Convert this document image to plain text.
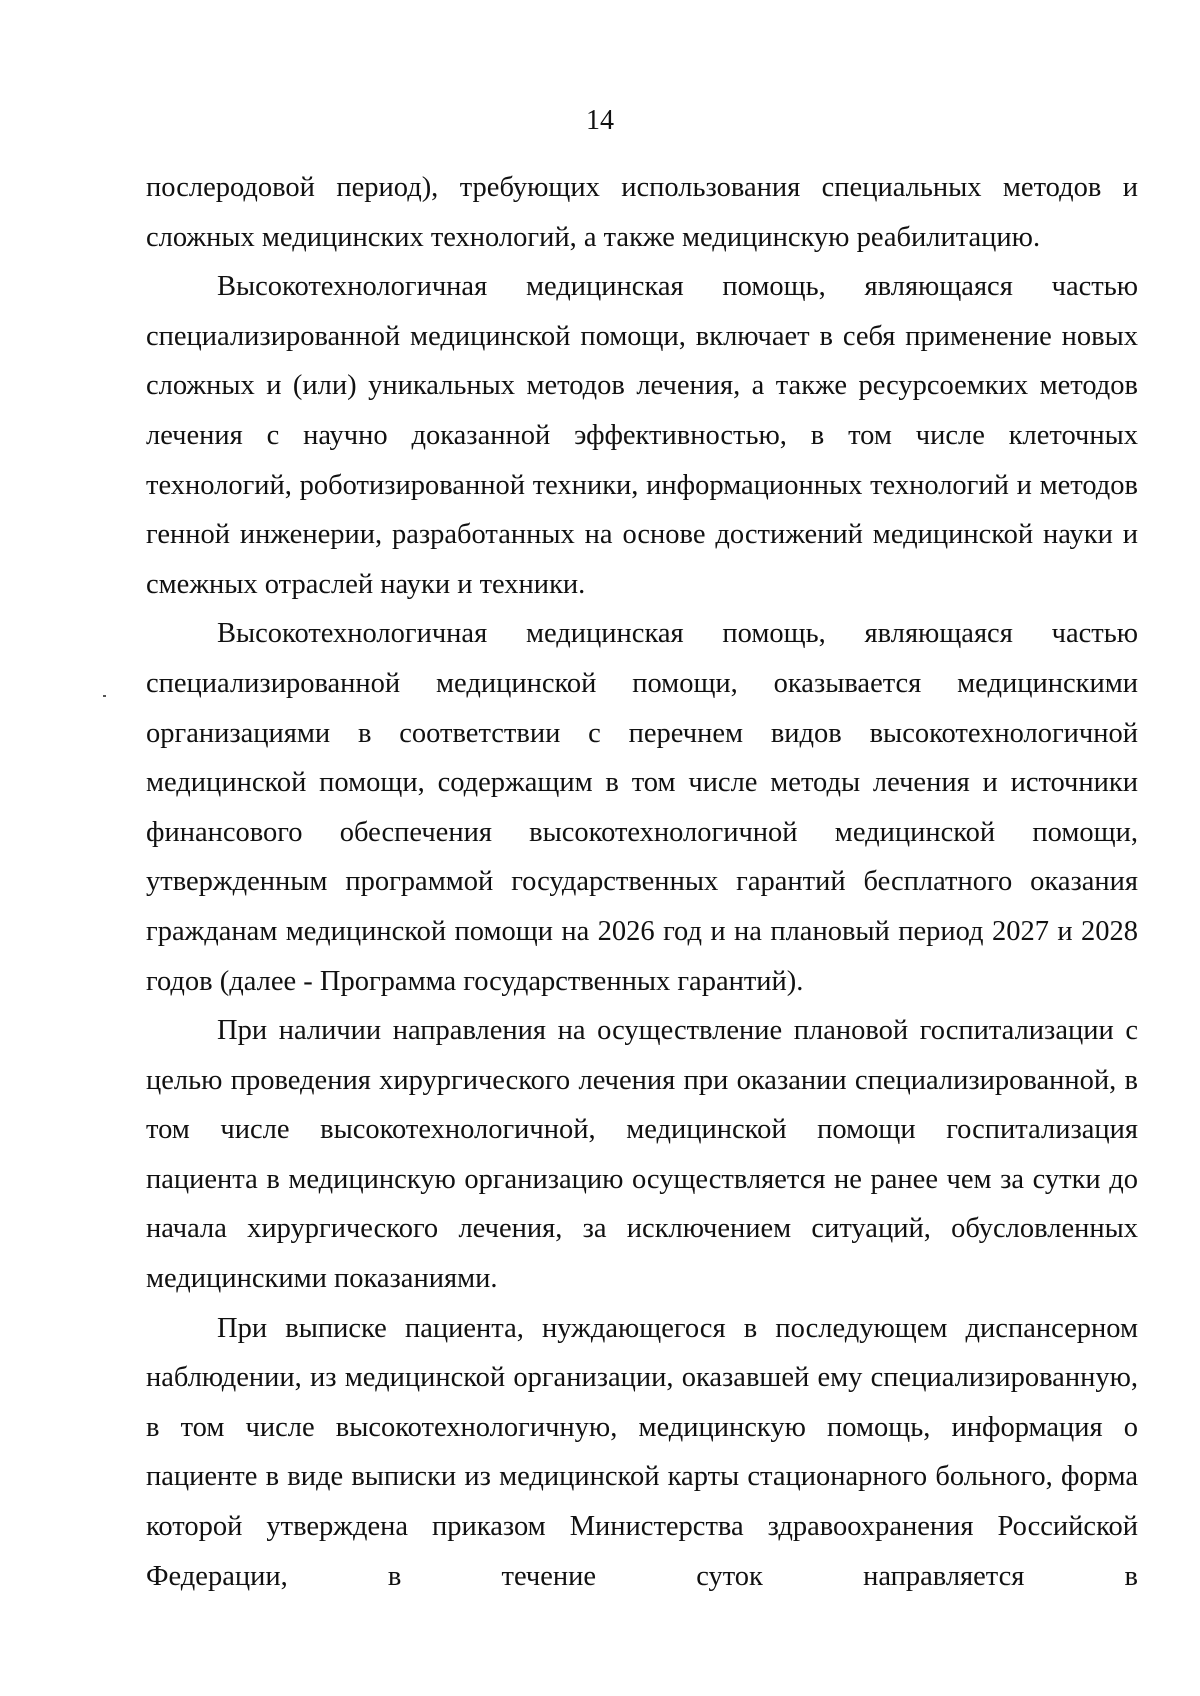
14

послеродовой период), требующих использования специальных методов и сложных медицинских технологий, а также медицинскую реабилитацию.

Высокотехнологичная медицинская помощь, являющаяся частью специализированной медицинской помощи, включает в себя применение новых сложных и (или) уникальных методов лечения, а также ресурсоемких методов лечения с научно доказанной эффективностью, в том числе клеточных технологий, роботизированной техники, информационных технологий и методов генной инженерии, разработанных на основе достижений медицинской науки и смежных отраслей науки и техники.

Высокотехнологичная медицинская помощь, являющаяся частью специализированной медицинской помощи, оказывается медицинскими организациями в соответствии с перечнем видов высокотехнологичной медицинской помощи, содержащим в том числе методы лечения и источники финансового обеспечения высокотехнологичной медицинской помощи, утвержденным программой государственных гарантий бесплатного оказания гражданам медицинской помощи на 2026 год и на плановый период 2027 и 2028 годов (далее - Программа государственных гарантий).

При наличии направления на осуществление плановой госпитализации с целью проведения хирургического лечения при оказании специализированной, в том числе высокотехнологичной, медицинской помощи госпитализация пациента в медицинскую организацию осуществляется не ранее чем за сутки до начала хирургического лечения, за исключением ситуаций, обусловленных медицинскими показаниями.

При выписке пациента, нуждающегося в последующем диспансерном наблюдении, из медицинской организации, оказавшей ему специализированную, в том числе высокотехнологичную, медицинскую помощь, информация о пациенте в виде выписки из медицинской карты стационарного больного, форма которой утверждена приказом Министерства здравоохранения Российской Федерации, в течение суток направляется в
